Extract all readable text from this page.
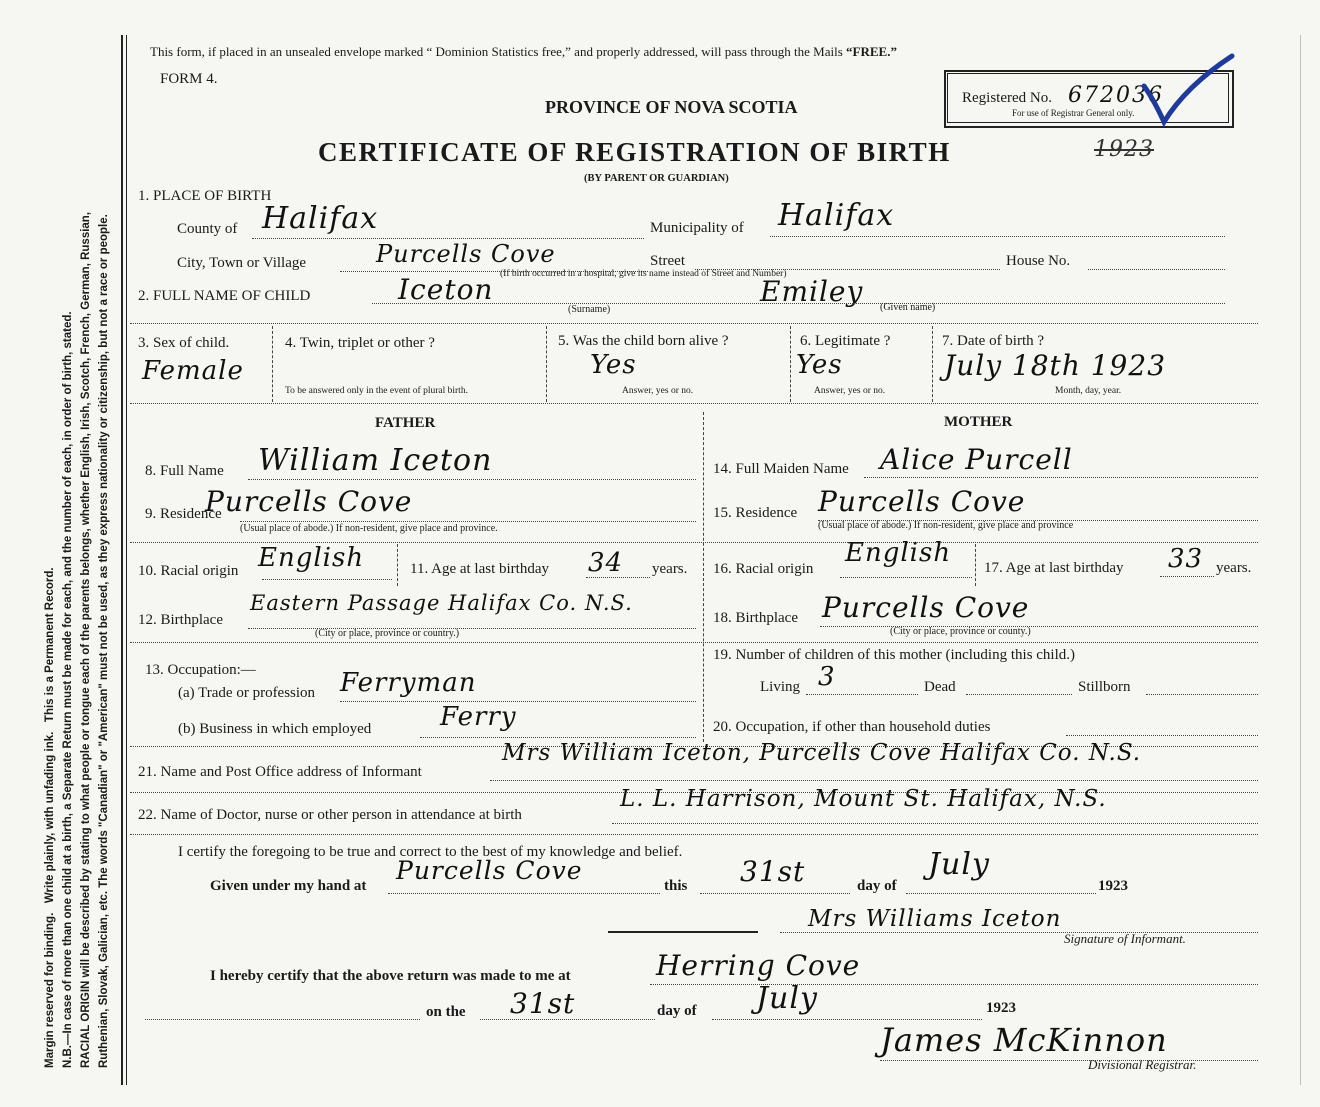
Margin reserved for binding.   Write plainly, with unfading ink.   This is a Permanent Record. N.B.—In case of more than one child at a birth, a Separate Return must be made for each, and the number of each, in order of birth, stated. RACIAL ORIGIN will be described by stating to what people or tongue each of the parents belongs, whether English, Irish, Scotch, French, German, Russian, Ruthenian, Slovak, Galician, etc. The words "Canadian" or "American" must not be used, as they express nationality or citizenship, but not a race or people.
This form, if placed in an unsealed envelope marked “ Dominion Statistics free,” and properly addressed, will pass through the Mails “FREE.”
FORM 4.
PROVINCE OF NOVA SCOTIA
CERTIFICATE OF REGISTRATION OF BIRTH	1923
(BY PARENT OR GUARDIAN)
Registered No. 672036
For use of Registrar General only.
1. PLACE OF BIRTH
County of Halifax	Municipality of Halifax
City, Town or Village	Purcells Cove	Street	House No.
(If birth occurred in a hospital, give its name instead of Street and Number)
2. FULL NAME OF CHILD	Iceton	Emiley
(Surname)	(Given name)
3. Sex of child.
Female
4. Twin, triplet or other ?
To be answered only in the event of plural birth.
5. Was the child born alive ?
Yes
Answer, yes or no.
6. Legitimate ?
Yes
Answer, yes or no.
7. Date of birth ?
July 18th 1923
Month, day, year.
FATHER	MOTHER
8. Full Name William Iceton
9. Residence
Purcells Cove
(Usual place of abode.) If non-resident, give place and province.
10. Racial origin English	11. Age at last birthday 34 years.
12. Birthplace
Eastern Passage Halifax Co. N.S.
(City or place, province or country.)
13. Occupation:—
(a) Trade or profession Ferryman
(b) Business in which employed	Ferry
14. Full Maiden Name Alice Purcell
15. Residence Purcells Cove
(Usual place of abode.) If non-resident, give place and province
16. Racial origin
English 17. Age at last birthday 33 years.
18. Birthplace Purcells Cove
(City or place, province or county.)
19. Number of children of this mother (including this child.)
Living 3	Dead	Stillborn
20. Occupation, if other than household duties
21. Name and Post Office address of Informant
Mrs William Iceton, Purcells Cove Halifax Co. N.S.
22. Name of Doctor, nurse or other person in attendance at birth
L. L. Harrison, Mount St. Halifax, N.S.
I certify the foregoing to be true and correct to the best of my knowledge and belief.
Given under my hand at
Purcells Cove
this 31st	day of
July
1923
Mrs Williams Iceton
Signature of Informant.
I hereby certify that the above return was made to me at	Herring Cove
on the 31st	day of July	1923
James McKinnon
Divisional Registrar.
